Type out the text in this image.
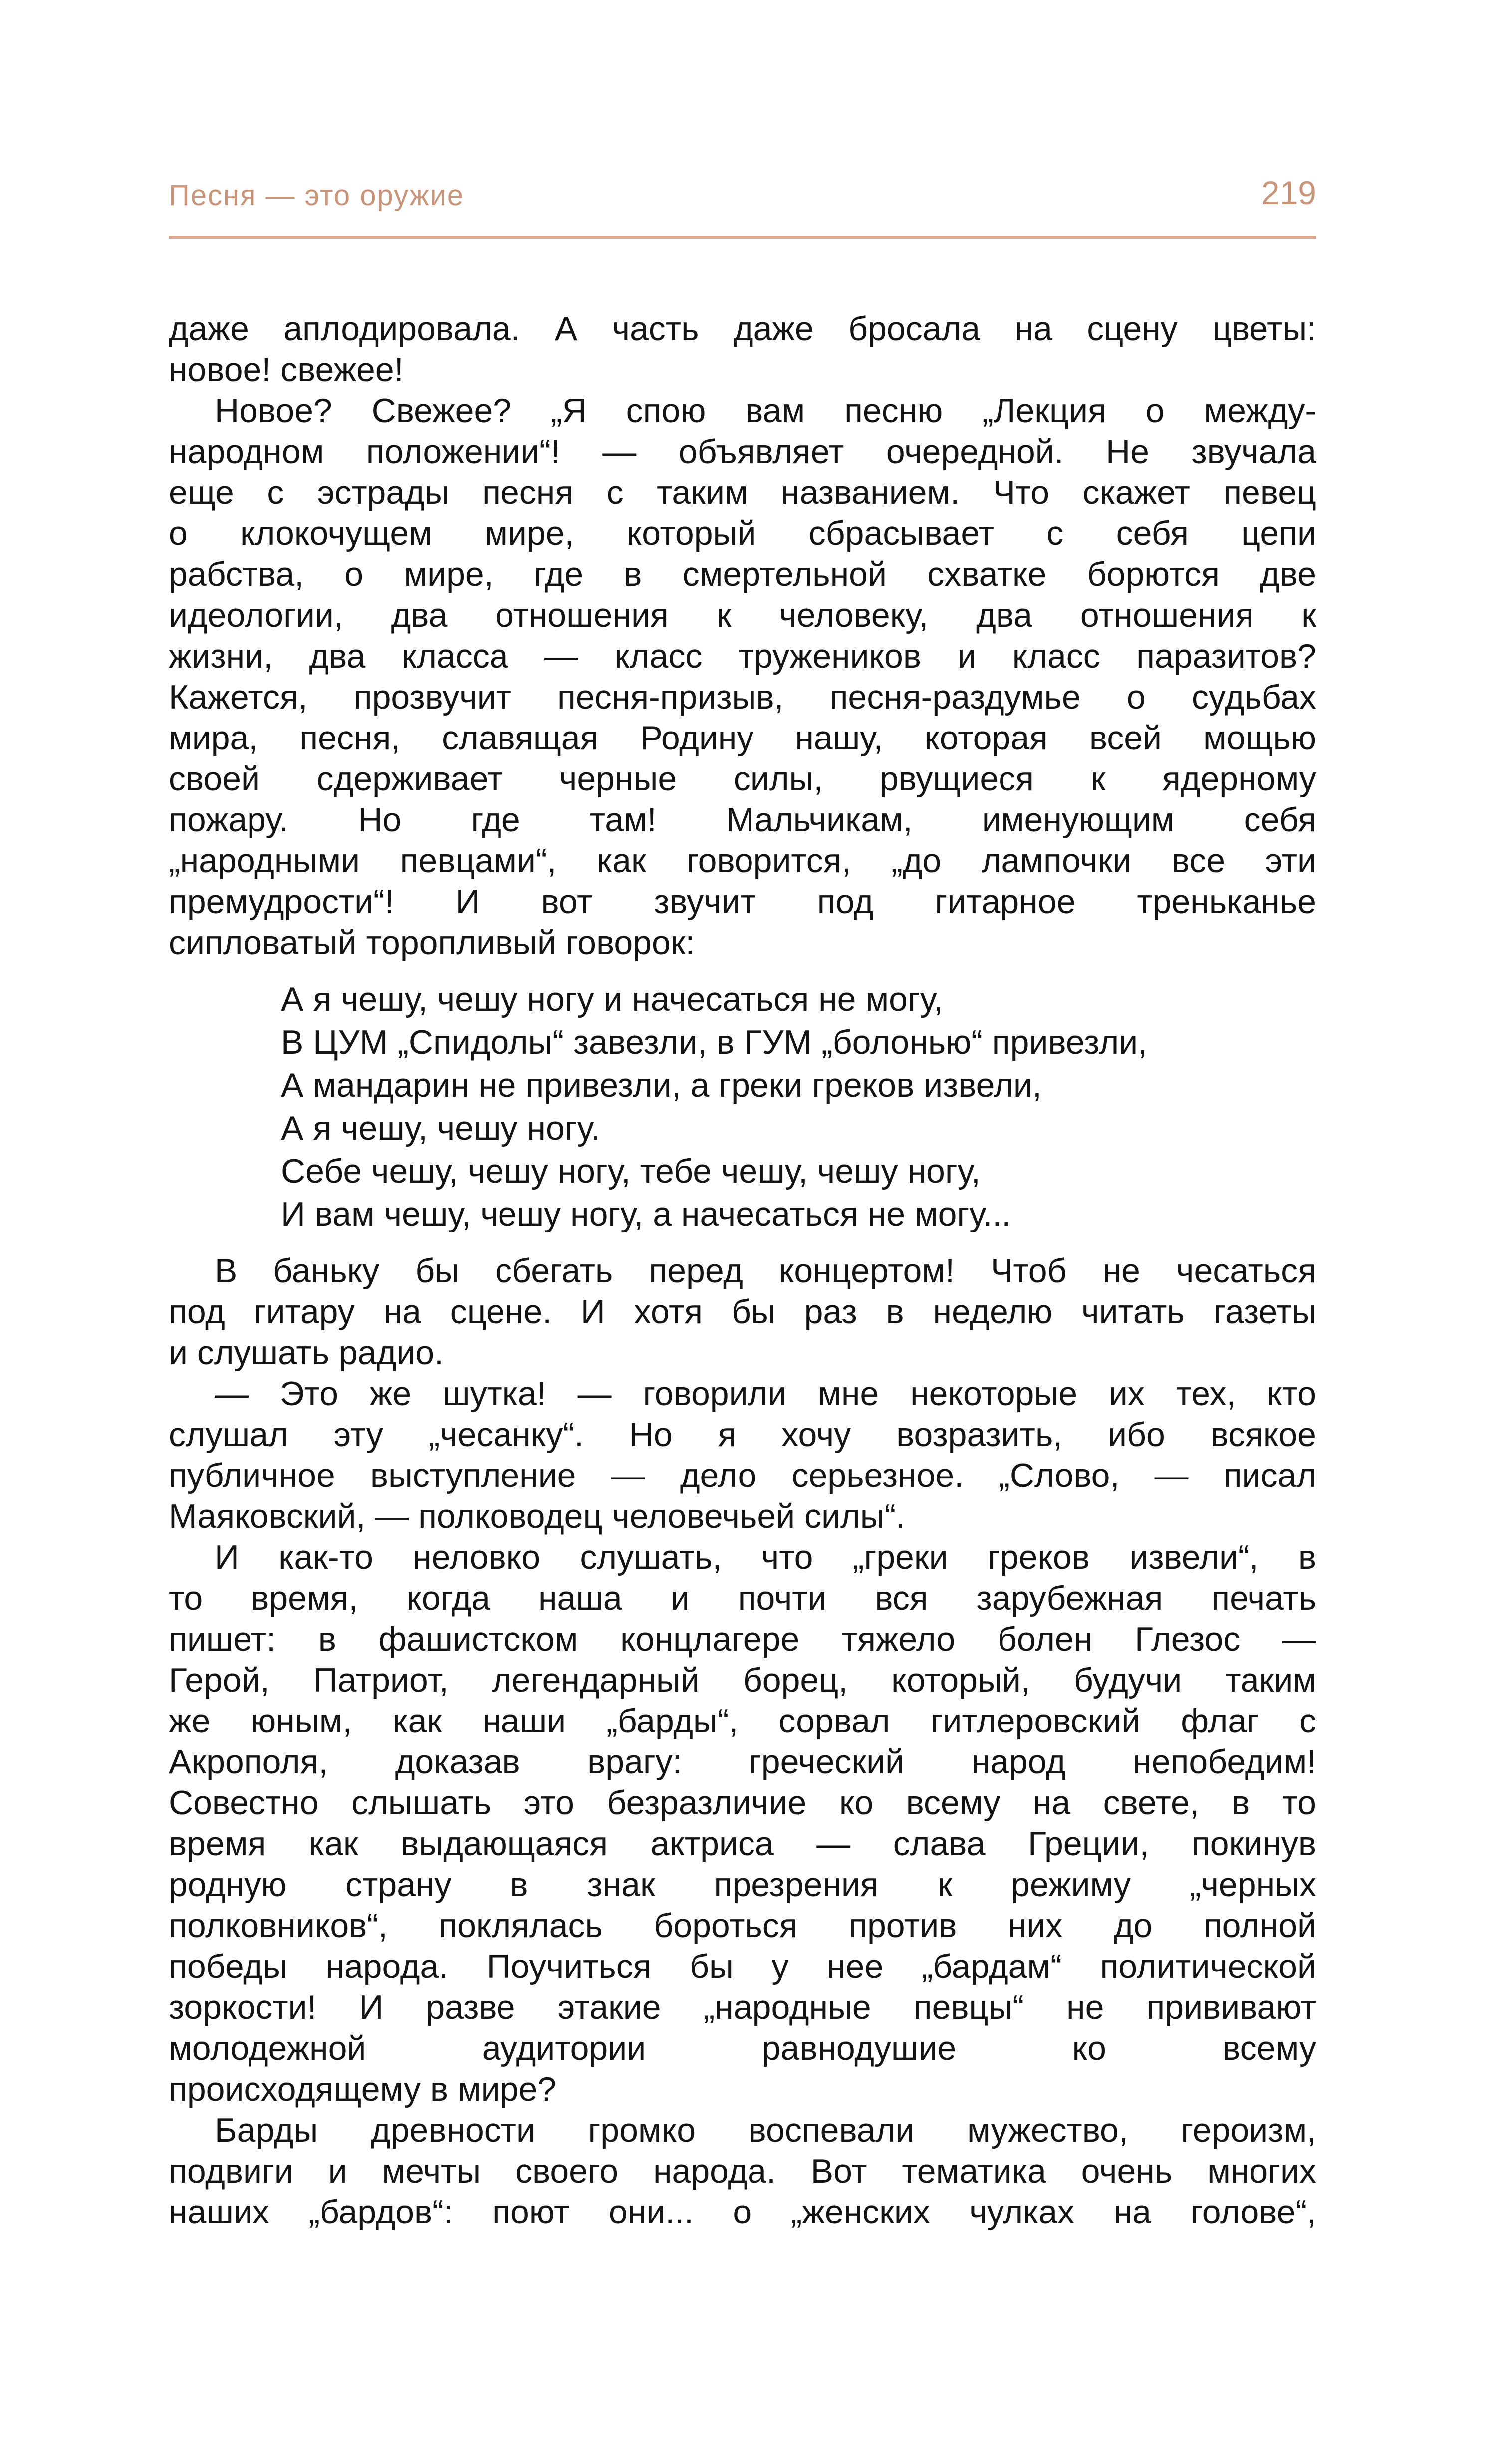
Песня — это оружие	219
даже аплодировала. А часть даже бросала на сцену цветы:
новое! свежее!
Новое? Свежее? „Я спою вам песню „Лекция о между-
народном положении“! — объявляет очередной. Не звучала
еще с эстрады песня с таким названием. Что скажет певец
о клокочущем мире, который сбрасывает с себя цепи
рабства, о мире, где в смертельной схватке борются две
идеологии, два отношения к человеку, два отношения к
жизни, два класса — класс тружеников и класс паразитов?
Кажется, прозвучит песня-призыв, песня-раздумье о судьбах
мира, песня, славящая Родину нашу, которая всей мощью
своей сдерживает черные силы, рвущиеся к ядерному
пожару. Но где там! Мальчикам, именующим себя
„народными певцами“, как говорится, „до лампочки все эти
премудрости“! И вот звучит под гитарное треньканье
сипловатый торопливый говорок:
А я чешу, чешу ногу и начесаться не могу,
В ЦУМ „Спидолы“ завезли, в ГУМ „болонью“ привезли,
А мандарин не привезли, а греки греков извели,
А я чешу, чешу ногу.
Себе чешу, чешу ногу, тебе чешу, чешу ногу,
И вам чешу, чешу ногу, а начесаться не могу...
В баньку бы сбегать перед концертом! Чтоб не чесаться
под гитару на сцене. И хотя бы раз в неделю читать газеты
и слушать радио.
— Это же шутка! — говорили мне некоторые их тех, кто
слушал эту „чесанку“. Но я хочу возразить, ибо всякое
публичное выступление — дело серьезное. „Слово, — писал
Маяковский, — полководец человечьей силы“.
И как-то неловко слушать, что „греки греков извели“, в
то время, когда наша и почти вся зарубежная печать
пишет: в фашистском концлагере тяжело болен Глезос —
Герой, Патриот, легендарный борец, который, будучи таким
же юным, как наши „барды“, сорвал гитлеровский флаг с
Акрополя, доказав врагу: греческий народ непобедим!
Совестно слышать это безразличие ко всему на свете, в то
время как выдающаяся актриса — слава Греции, покинув
родную страну в знак презрения к режиму „черных
полковников“, поклялась бороться против них до полной
победы народа. Поучиться бы у нее „бардам“ политической
зоркости! И разве этакие „народные певцы“ не прививают
молодежной аудитории равнодушие ко всему
происходящему в мире?
Барды древности громко воспевали мужество, героизм,
подвиги и мечты своего народа. Вот тематика очень многих
наших „бардов“: поют они... о „женских чулках на голове“,
